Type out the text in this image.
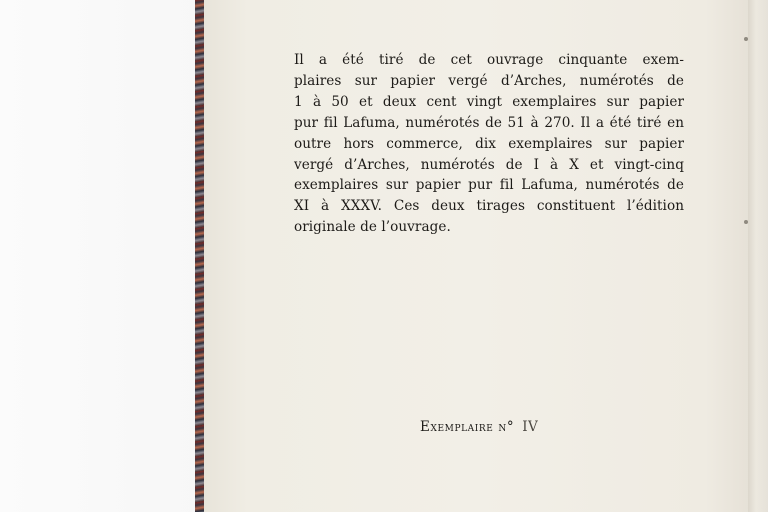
Il a été tiré de cet ouvrage cinquante exem-
plaires sur papier vergé d’Arches, numérotés de
1 à 50 et deux cent vingt exemplaires sur papier
pur fil Lafuma, numérotés de 51 à 270. Il a été tiré en
outre hors commerce, dix exemplaires sur papier
vergé d’Arches, numérotés de I à X et vingt-cinq
exemplaires sur papier pur fil Lafuma, numérotés de
XI à XXXV. Ces deux tirages constituent l’édition
originale de l’ouvrage.
Exemplaire n° IV
